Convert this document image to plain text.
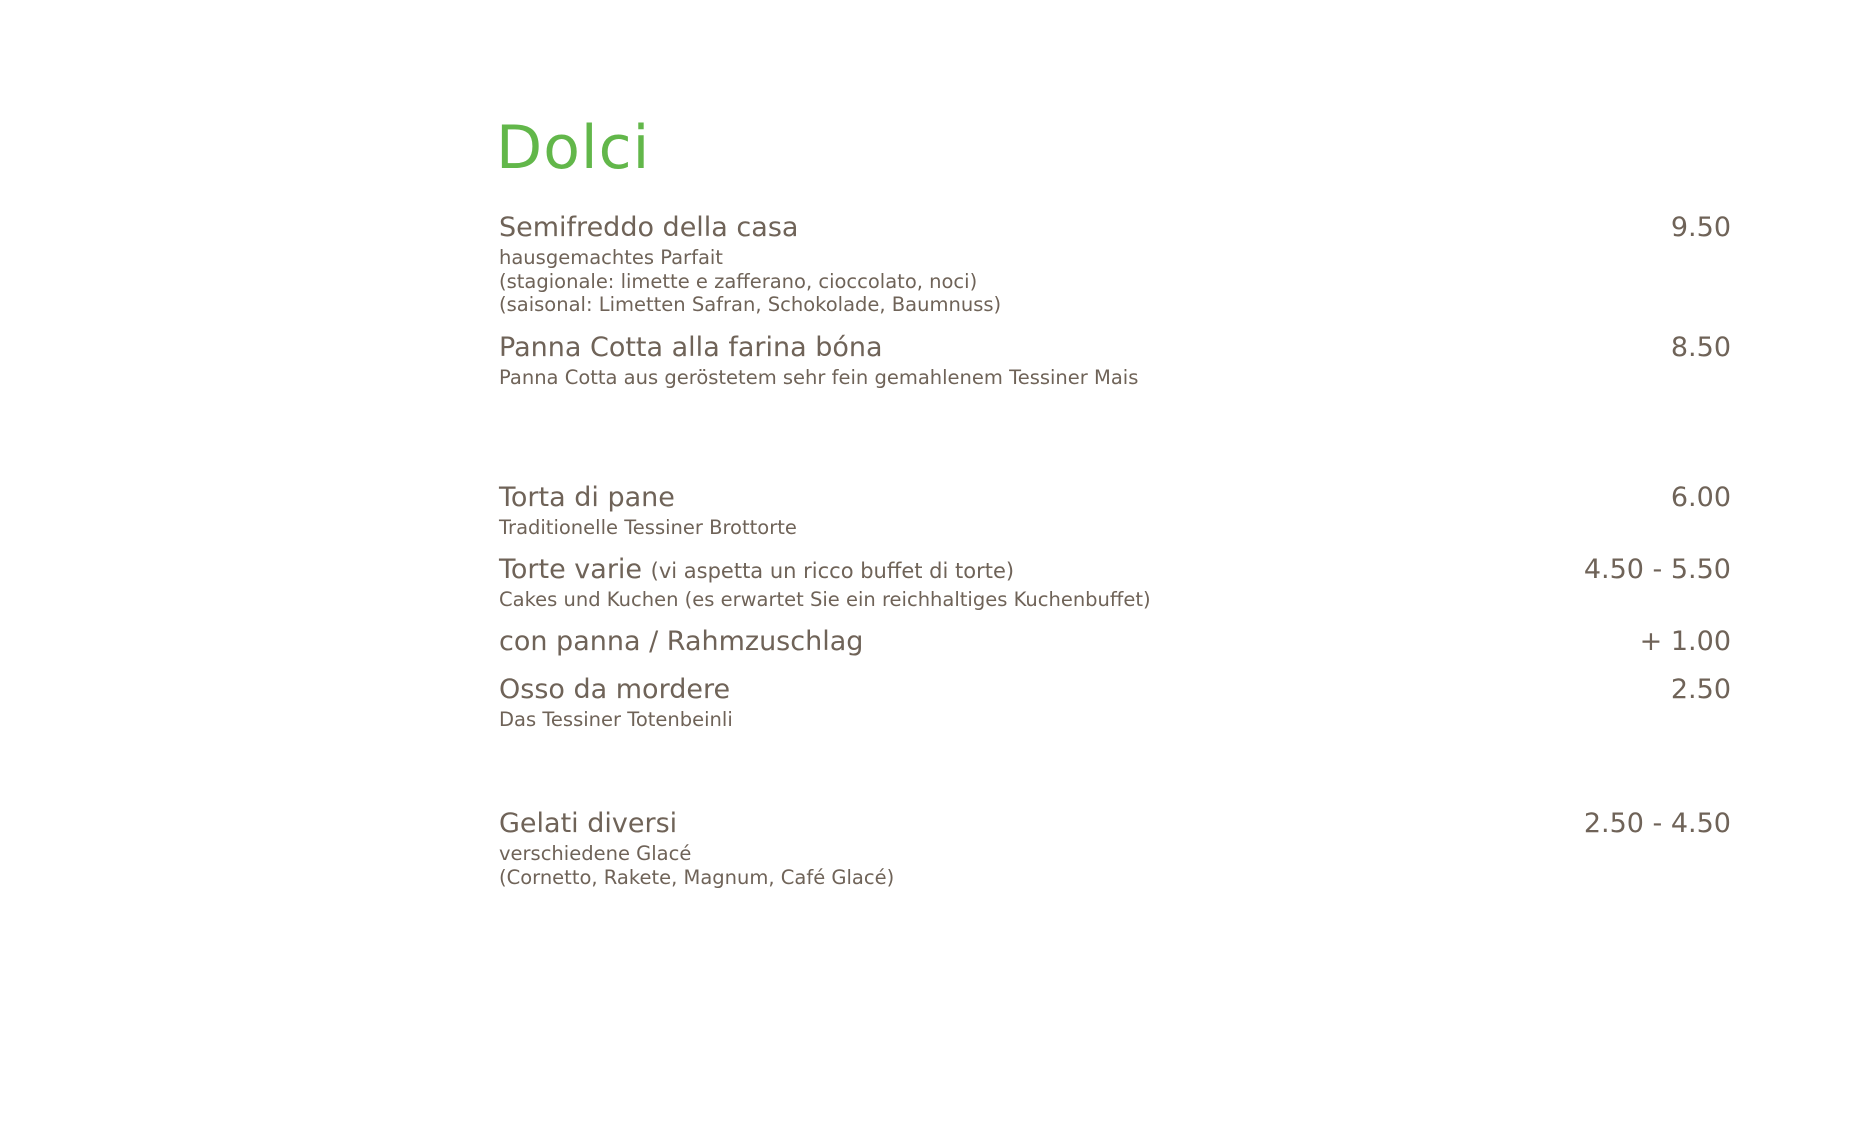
Dolci
Semifreddo della casa
hausgemachtes Parfait
(stagionale: limette e zafferano, cioccolato, noci)
(saisonal: Limetten Safran, Schokolade, Baumnuss)
9.50
Panna Cotta alla farina bóna
Panna Cotta aus geröstetem sehr fein gemahlenem Tessiner Mais
8.50
Torta di pane
Traditionelle Tessiner Brottorte
6.00
Torte varie (vi aspetta un ricco buffet di torte)
Cakes und Kuchen (es erwartet Sie ein reichhaltiges Kuchenbuffet)
4.50 - 5.50
con panna / Rahmzuschlag	+ 1.00
Osso da mordere
Das Tessiner Totenbeinli
2.50
Gelati diversi
verschiedene Glacé
(Cornetto, Rakete, Magnum, Café Glacé)
2.50 - 4.50
